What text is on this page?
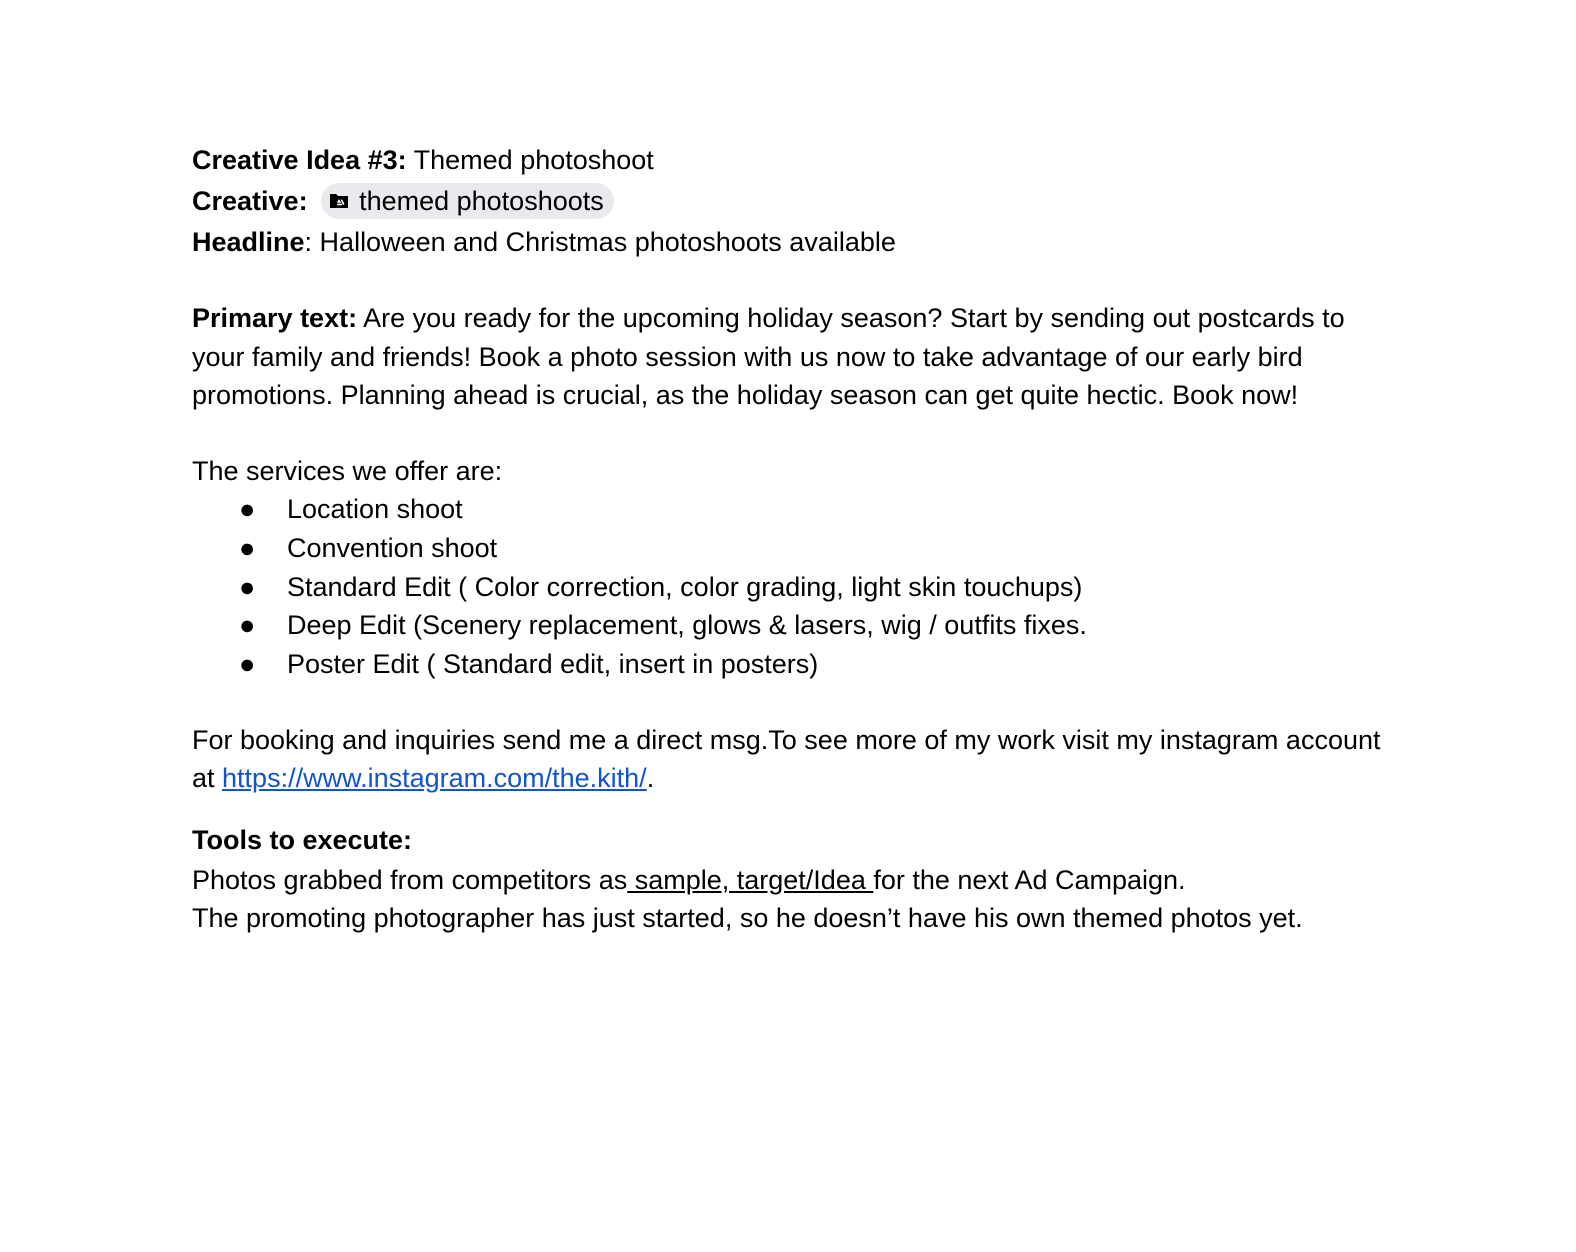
Creative Idea #3: Themed photoshoot
Creative: themed photoshoots
Headline: Halloween and Christmas photoshoots available
Primary text: Are you ready for the upcoming holiday season? Start by sending out postcards to your family and friends! Book a photo session with us now to take advantage of our early bird promotions. Planning ahead is crucial, as the holiday season can get quite hectic. Book now!
The services we offer are:
● Location shoot
● Convention shoot
● Standard Edit ( Color correction, color grading, light skin touchups)
● Deep Edit (Scenery replacement, glows & lasers, wig / outfits fixes.
● Poster Edit ( Standard edit, insert in posters)
For booking and inquiries send me a direct msg.To see more of my work visit my instagram account at https://www.instagram.com/the.kith/.
Tools to execute:
Photos grabbed from competitors as sample, target/Idea for the next Ad Campaign.
The promoting photographer has just started, so he doesn’t have his own themed photos yet.
